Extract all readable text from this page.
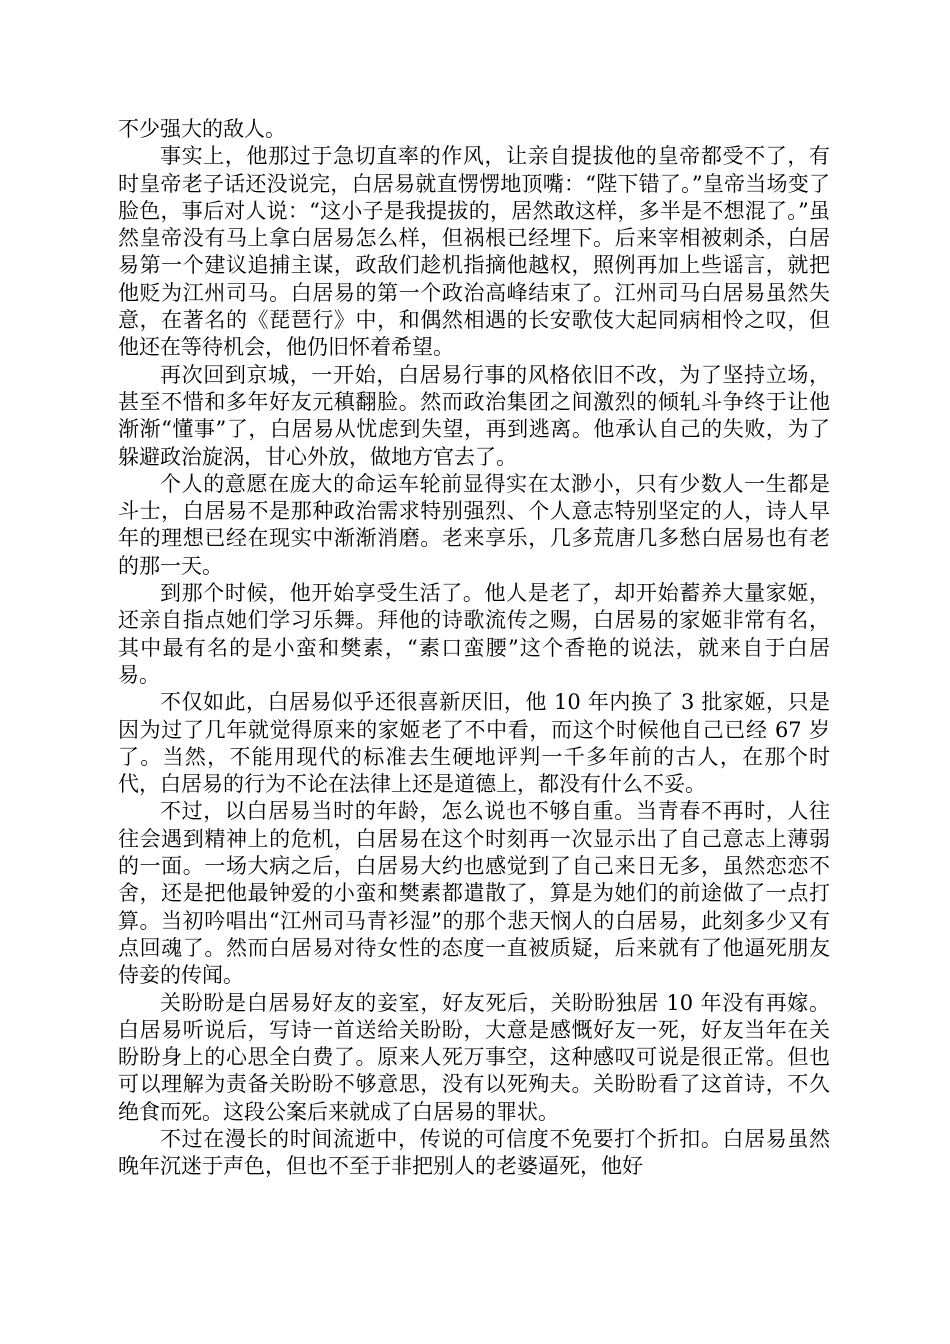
不少强大的敌人。

事实上，他那过于急切直率的作风，让亲自提拔他的皇帝都受不了，有时皇帝老子话还没说完，白居易就直愣愣地顶嘴：“陛下错了。”皇帝当场变了脸色，事后对人说：“这小子是我提拔的，居然敢这样，多半是不想混了。”虽然皇帝没有马上拿白居易怎么样，但祸根已经埋下。后来宰相被刺杀，白居易第一个建议追捕主谋，政敌们趁机指摘他越权，照例再加上些谣言，就把他贬为江州司马。白居易的第一个政治高峰结束了。江州司马白居易虽然失意，在著名的《琵琶行》中，和偶然相遇的长安歌伎大起同病相怜之叹，但他还在等待机会，他仍旧怀着希望。

再次回到京城，一开始，白居易行事的风格依旧不改，为了坚持立场，甚至不惜和多年好友元稹翻脸。然而政治集团之间激烈的倾轧斗争终于让他渐渐“懂事”了，白居易从忧虑到失望，再到逃离。他承认自己的失败，为了躲避政治旋涡，甘心外放，做地方官去了。

个人的意愿在庞大的命运车轮前显得实在太渺小，只有少数人一生都是斗士，白居易不是那种政治需求特别强烈、个人意志特别坚定的人，诗人早年的理想已经在现实中渐渐消磨。老来享乐，几多荒唐几多愁白居易也有老的那一天。

到那个时候，他开始享受生活了。他人是老了，却开始蓄养大量家姬，还亲自指点她们学习乐舞。拜他的诗歌流传之赐，白居易的家姬非常有名，其中最有名的是小蛮和樊素，“素口蛮腰”这个香艳的说法，就来自于白居易。

不仅如此，白居易似乎还很喜新厌旧，他 10 年内换了 3 批家姬，只是因为过了几年就觉得原来的家姬老了不中看，而这个时候他自己已经 67 岁了。当然，不能用现代的标准去生硬地评判一千多年前的古人，在那个时代，白居易的行为不论在法律上还是道德上，都没有什么不妥。

不过，以白居易当时的年龄，怎么说也不够自重。当青春不再时，人往往会遇到精神上的危机，白居易在这个时刻再一次显示出了自己意志上薄弱的一面。一场大病之后，白居易大约也感觉到了自己来日无多，虽然恋恋不舍，还是把他最钟爱的小蛮和樊素都遣散了，算是为她们的前途做了一点打算。当初吟唱出“江州司马青衫湿”的那个悲天悯人的白居易，此刻多少又有点回魂了。然而白居易对待女性的态度一直被质疑，后来就有了他逼死朋友侍妾的传闻。

关盼盼是白居易好友的妾室，好友死后，关盼盼独居 10 年没有再嫁。白居易听说后，写诗一首送给关盼盼，大意是感慨好友一死，好友当年在关盼盼身上的心思全白费了。原来人死万事空，这种感叹可说是很正常。但也可以理解为责备关盼盼不够意思，没有以死殉夫。关盼盼看了这首诗，不久绝食而死。这段公案后来就成了白居易的罪状。

不过在漫长的时间流逝中，传说的可信度不免要打个折扣。白居易虽然晚年沉迷于声色，但也不至于非把别人的老婆逼死，他好
